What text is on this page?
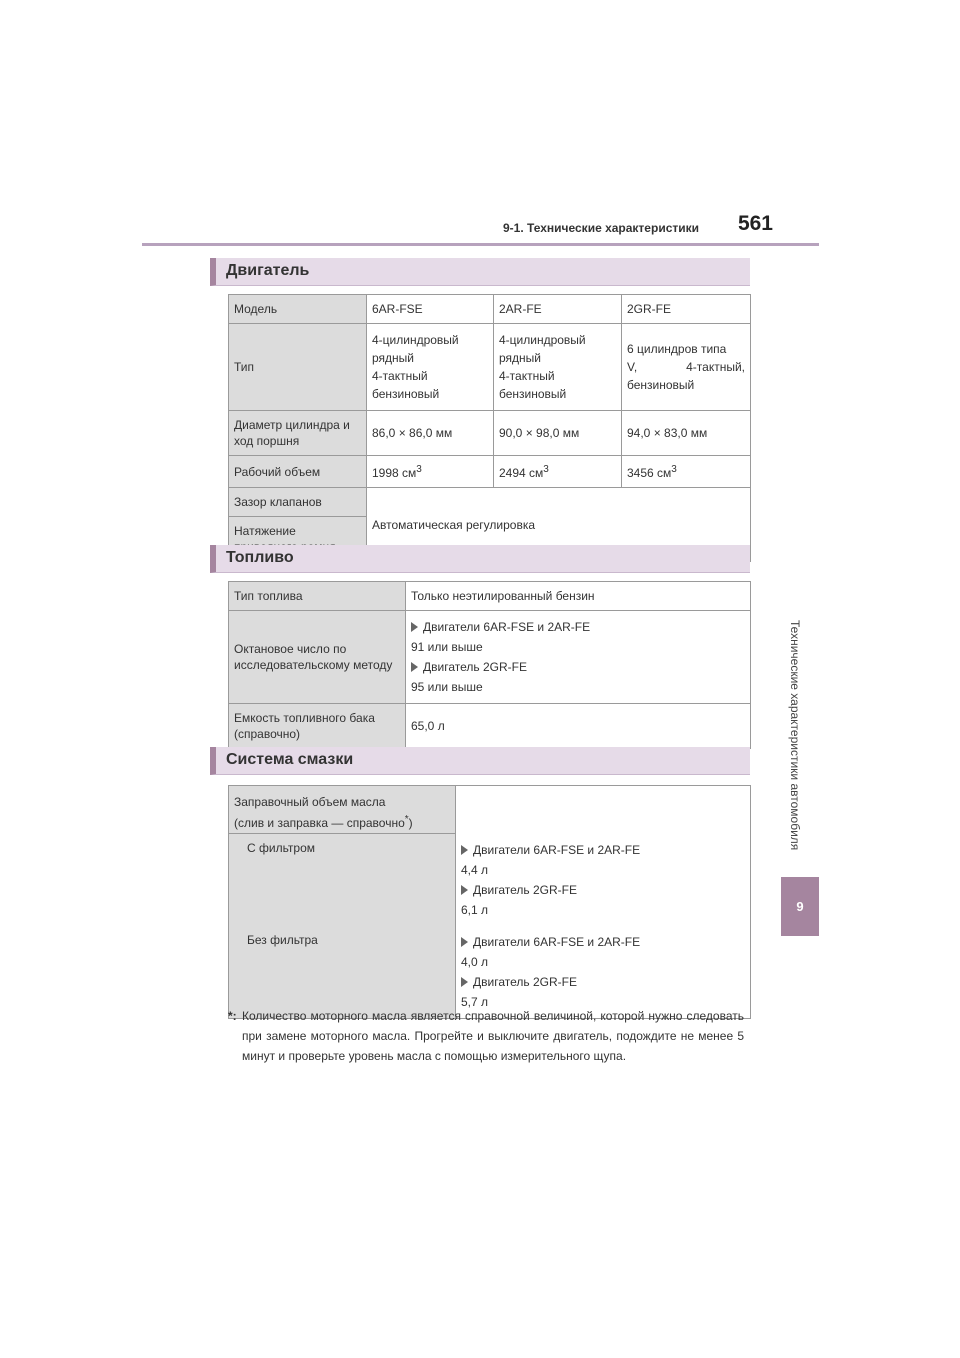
9-1. Технические характеристики 561
Технические характеристики автомобиля
9
Двигатель
Модель	6AR-FSE	2AR-FE	2GR-FE
Тип	4-цилиндровый
рядный
4-тактный
бензиновый	4-цилиндровый
рядный
4-тактный
бензиновый	6 цилиндров типа
V, 4-тактный,
бензиновый

Диаметр цилиндра и ход поршня	86,0 × 86,0 мм	90,0 × 98,0 мм	94,0 × 83,0 мм
Рабочий объем	1998 $см^3$	2494 $см^3$	3456 $см^3$
Зазор клапанов	Автоматическая регулировка		
Натяжение			
Топливо
Тип топлива	Только неэтилированный бензин
Октановое число по исследовательскому методу	Двигатели 6AR-FSE и 2AR-FE
91 или выше
Двигатель 2GR-FE
95 или выше

Емкость топливного бака (справочно)	65,0 л
Система смазки
Заправочный объем масла
(слив и заправка — справочно*)	

С фильтром	Двигатели 6AR-FSE и 2AR-FE
4,4 л
Двигатель 2GR-FE
6,1 л

Без фильтра	Двигатели 6AR-FSE и 2AR-FE
4,0 л
Двигатель 2GR-FE
5,7 л
*: Количество моторного масла является справочной величиной, которой нужно следовать при замене моторного масла. Прогрейте и выключите двигатель, подождите не менее 5 минут и проверьте уровень масла с помощью измерительного щупа.
